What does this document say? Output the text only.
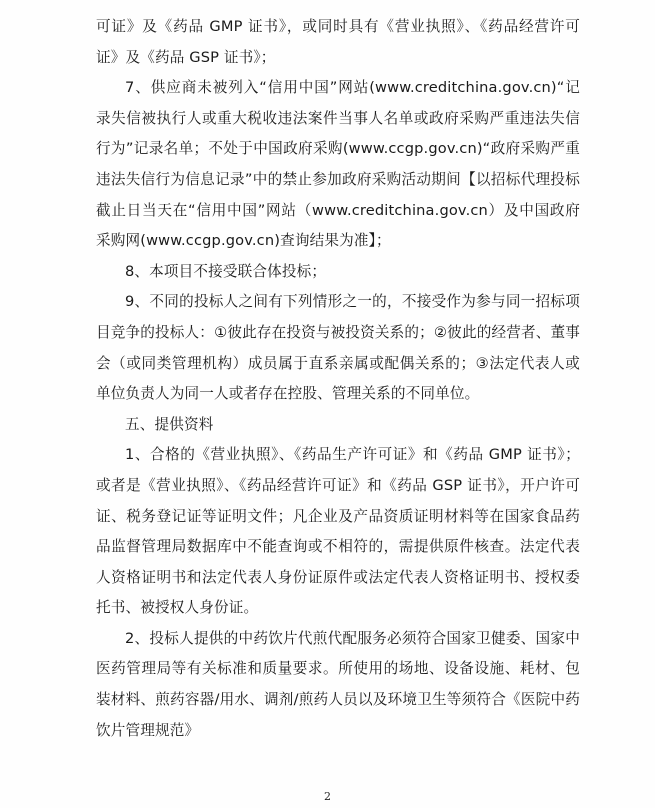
可证》及《药品 GMP 证书》，或同时具有《营业执照》、《药品经营许可证》及《药品 GSP 证书》；

7、供应商未被列入“信用中国”网站(www.creditchina.gov.cn)“记录失信被执行人或重大税收违法案件当事人名单或政府采购严重违法失信行为”记录名单；不处于中国政府采购(www.ccgp.gov.cn)“政府采购严重违法失信行为信息记录”中的禁止参加政府采购活动期间【以招标代理投标截止日当天在“信用中国”网站（www.creditchina.gov.cn）及中国政府采购网(www.ccgp.gov.cn)查询结果为准】；

8、本项目不接受联合体投标；

9、不同的投标人之间有下列情形之一的，不接受作为参与同一招标项目竞争的投标人：①彼此存在投资与被投资关系的；②彼此的经营者、董事会（或同类管理机构）成员属于直系亲属或配偶关系的；③法定代表人或单位负责人为同一人或者存在控股、管理关系的不同单位。

五、提供资料

1、合格的《营业执照》、《药品生产许可证》和《药品 GMP 证书》；或者是《营业执照》、《药品经营许可证》和《药品 GSP 证书》，开户许可证、税务登记证等证明文件；凡企业及产品资质证明材料等在国家食品药品监督管理局数据库中不能查询或不相符的，需提供原件核查。法定代表人资格证明书和法定代表人身份证原件或法定代表人资格证明书、授权委托书、被授权人身份证。

2、投标人提供的中药饮片代煎代配服务必须符合国家卫健委、国家中医药管理局等有关标准和质量要求。所使用的场地、设备设施、耗材、包装材料、煎药容器/用水、调剂/煎药人员以及环境卫生等须符合《医院中药饮片管理规范》

2
